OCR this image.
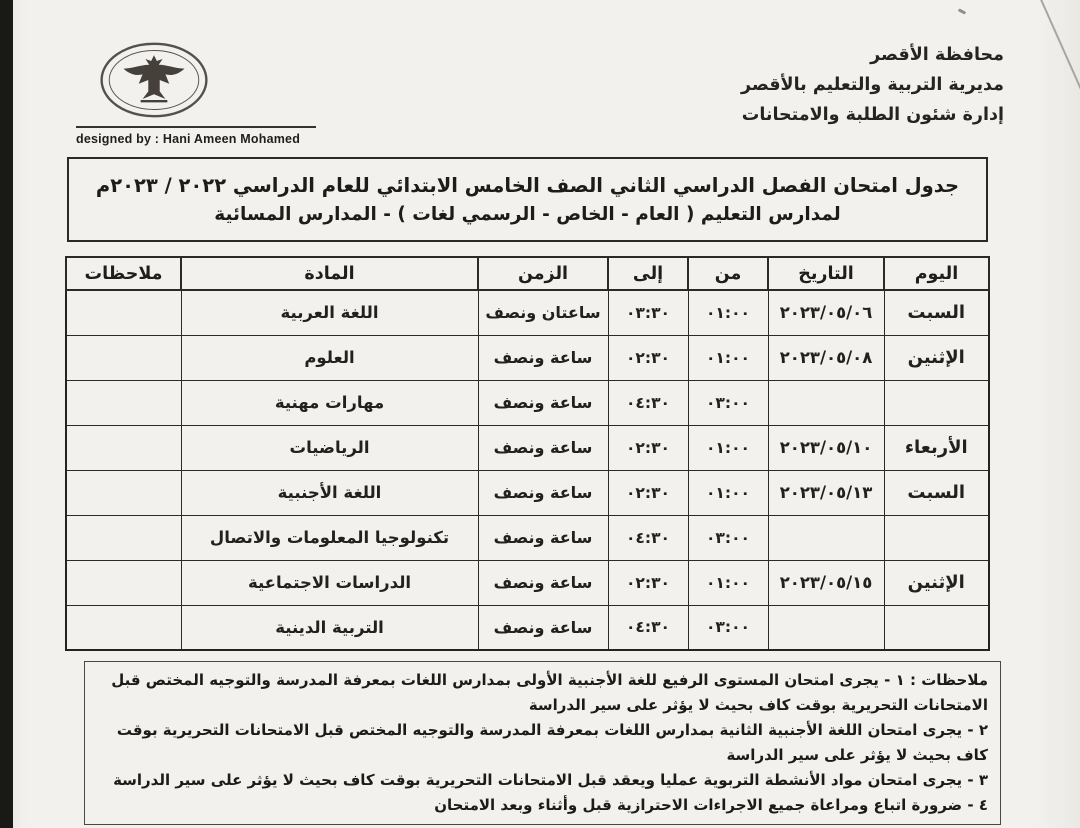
محافظة الأقصر
مديرية التربية والتعليم بالأقصر
إدارة شئون الطلبة والامتحانات
designed by : Hani Ameen Mohamed
جدول امتحان الفصل الدراسي الثاني الصف الخامس الابتدائي للعام الدراسي ٢٠٢٢ / ٢٠٢٣م
لمدارس التعليم ( العام - الخاص - الرسمي لغات ) - المدارس المسائية
اليوم	التاريخ	من	إلى	الزمن	المادة	ملاحظات
السبت	٢٠٢٣/٠٥/٠٦	٠١:٠٠	٠٣:٣٠	ساعتان ونصف	اللغة العربية	
الإثنين	٢٠٢٣/٠٥/٠٨	٠١:٠٠	٠٢:٣٠	ساعة ونصف	العلوم	
		٠٣:٠٠	٠٤:٣٠	ساعة ونصف	مهارات مهنية	
الأربعاء	٢٠٢٣/٠٥/١٠	٠١:٠٠	٠٢:٣٠	ساعة ونصف	الرياضيات	
السبت	٢٠٢٣/٠٥/١٣	٠١:٠٠	٠٢:٣٠	ساعة ونصف	اللغة الأجنبية	
		٠٣:٠٠	٠٤:٣٠	ساعة ونصف	تكنولوجيا المعلومات والاتصال	
الإثنين	٢٠٢٣/٠٥/١٥	٠١:٠٠	٠٢:٣٠	ساعة ونصف	الدراسات الاجتماعية	
		٠٣:٠٠	٠٤:٣٠	ساعة ونصف	التربية الدينية	

ملاحظات : ١ - يجرى امتحان المستوى الرفيع للغة الأجنبية الأولى بمدارس اللغات بمعرفة المدرسة والتوجيه المختص قبل الامتحانات التحريرية بوقت كاف بحيث لا يؤثر على سير الدراسة

٢ - يجرى امتحان اللغة الأجنبية الثانية بمدارس اللغات بمعرفة المدرسة والتوجيه المختص قبل الامتحانات التحريرية بوقت كاف بحيث لا يؤثر على سير الدراسة

٣ - يجرى امتحان مواد الأنشطة التربوية عمليا ويعقد قبل الامتحانات التحريرية بوقت كاف بحيث لا يؤثر على سير الدراسة

٤ - ضرورة اتباع ومراعاة جميع الاجراءات الاحترازية قبل وأثناء وبعد الامتحان
